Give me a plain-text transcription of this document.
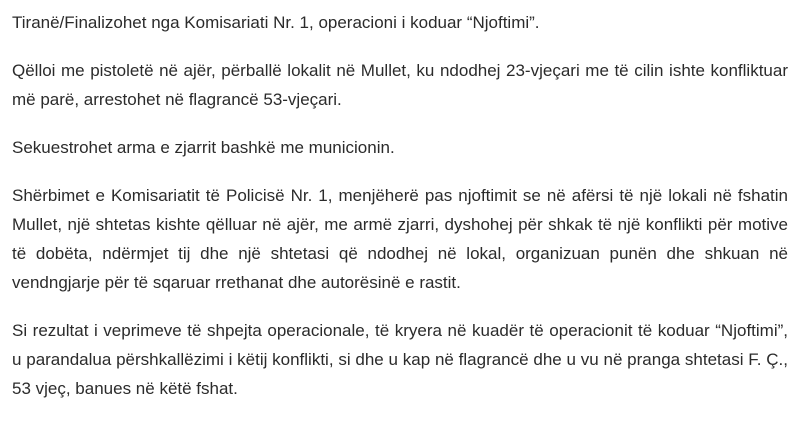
Tiranë/Finalizohet nga Komisariati Nr. 1, operacioni i koduar “Njoftimi”.

Qëlloi me pistoletë në ajër, përballë lokalit në Mullet, ku ndodhej 23-vjeçari me të cilin ishte konfliktuar më parë, arrestohet në flagrancë 53-vjeçari.

Sekuestrohet arma e zjarrit bashkë me municionin.

Shërbimet e Komisariatit të Policisë Nr. 1, menjëherë pas njoftimit se në afërsi të një lokali në fshatin Mullet, një shtetas kishte qëlluar në ajër, me armë zjarri, dyshohej për shkak të një konflikti për motive të dobëta, ndërmjet tij dhe një shtetasi që ndodhej në lokal, organizuan punën dhe shkuan në vendngjarje për të sqaruar rrethanat dhe autorësinë e rastit.

Si rezultat i veprimeve të shpejta operacionale, të kryera në kuadër të operacionit të koduar “Njoftimi”, u parandalua përshkallëzimi i këtij konflikti, si dhe u kap në flagrancë dhe u vu në pranga shtetasi F. Ç., 53 vjeç, banues në këtë fshat.
